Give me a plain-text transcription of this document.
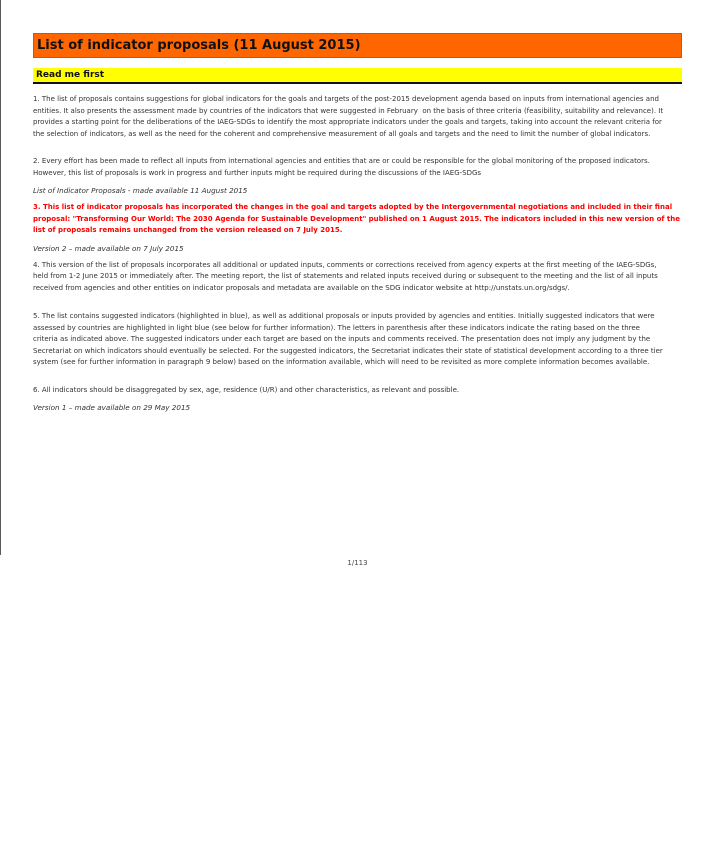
List of indicator proposals (11 August 2015)
Read me first

1. The list of proposals contains suggestions for global indicators for the goals and targets of the post-2015 development agenda based on inputs from international agencies and
entities. It also presents the assessment made by countries of the indicators that were suggested in February  on the basis of three criteria (feasibility, suitability and relevance). It
provides a starting point for the deliberations of the IAEG-SDGs to identify the most appropriate indicators under the goals and targets, taking into account the relevant criteria for
the selection of indicators, as well as the need for the coherent and comprehensive measurement of all goals and targets and the need to limit the number of global indicators.

2. Every effort has been made to reflect all inputs from international agencies and entities that are or could be responsible for the global monitoring of the proposed indicators.
However, this list of proposals is work in progress and further inputs might be required during the discussions of the IAEG-SDGs

List of Indicator Proposals - made available 11 August 2015

3. This list of indicator proposals has incorporated the changes in the goal and targets adopted by the Intergovernmental negotiations and included in their final proposal: "Transforming Our World: The 2030 Agenda for Sustainable Development" published on 1 August 2015. The indicators included in this new version of the list of proposals remains unchanged from the version released on 7 July 2015.

Version 2 – made available on 7 July 2015

4. This version of the list of proposals incorporates all additional or updated inputs, comments or corrections received from agency experts at the first meeting of the IAEG-SDGs,
held from 1-2 June 2015 or immediately after. The meeting report, the list of statements and related inputs received during or subsequent to the meeting and the list of all inputs
received from agencies and other entities on indicator proposals and metadata are available on the SDG indicator website at http://unstats.un.org/sdgs/.

5. The list contains suggested indicators (highlighted in blue), as well as additional proposals or inputs provided by agencies and entities. Initially suggested indicators that were
assessed by countries are highlighted in light blue (see below for further information). The letters in parenthesis after these indicators indicate the rating based on the three
criteria as indicated above. The suggested indicators under each target are based on the inputs and comments received. The presentation does not imply any judgment by the
Secretariat on which indicators should eventually be selected. For the suggested indicators, the Secretariat indicates their state of statistical development according to a three tier
system (see for further information in paragraph 9 below) based on the information available, which will need to be revisited as more complete information becomes available.

6. All indicators should be disaggregated by sex, age, residence (U/R) and other characteristics, as relevant and possible.

Version 1 – made available on 29 May 2015

1/113
